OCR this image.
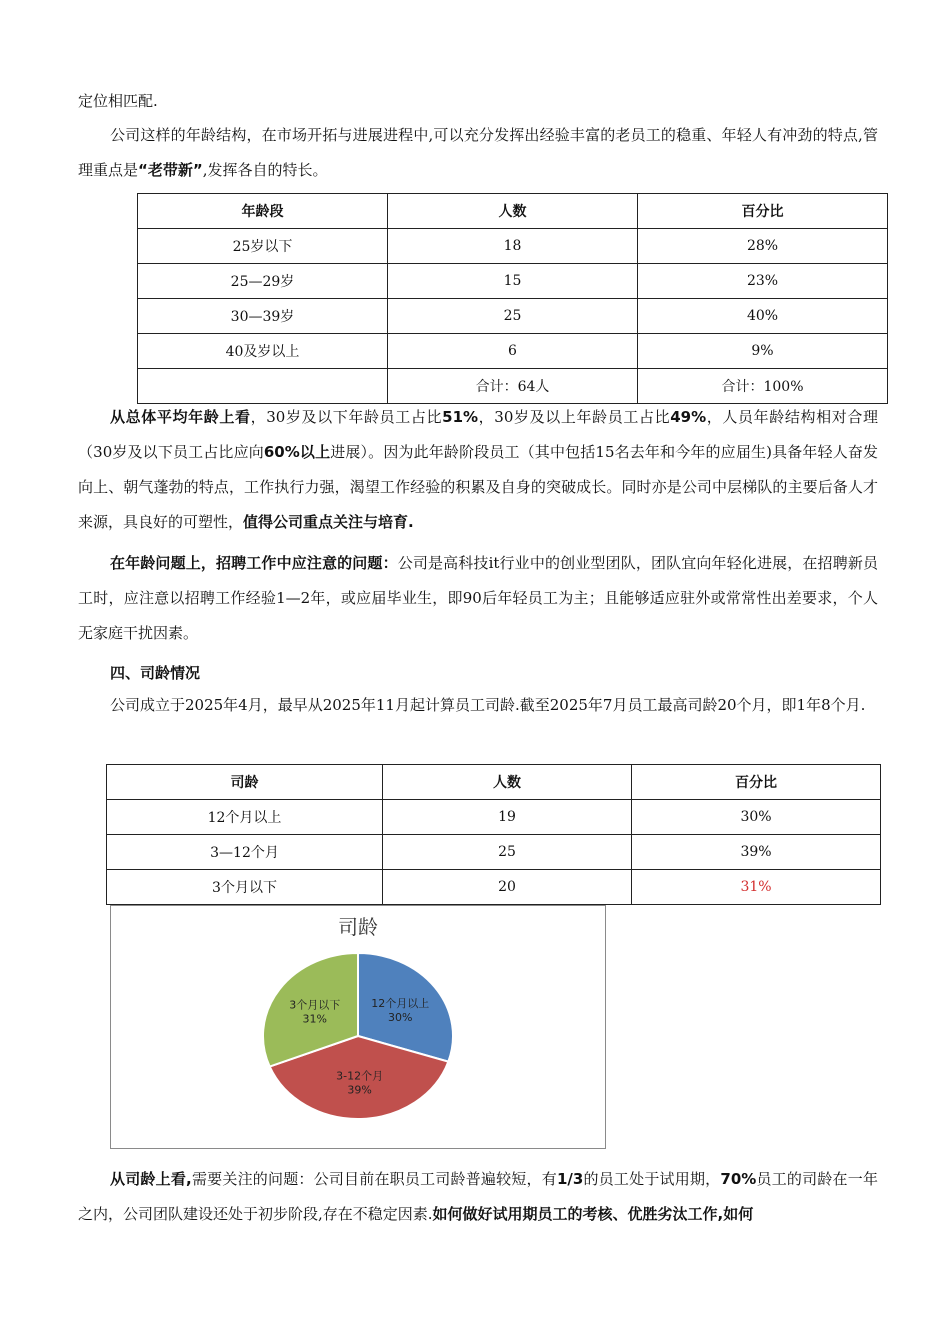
定位相匹配.

公司这样的年龄结构，在市场开拓与进展进程中,可以充分发挥出经验丰富的老员工的稳重、年轻人有冲劲的特点,管理重点是“老带新”,发挥各自的特长。

年龄段	人数	百分比
25岁以下	18	28%
25—29岁	15	23%
30—39岁	25	40%
40及岁以上	6	9%
	合计：64人	合计：100%

从总体平均年龄上看，30岁及以下年龄员工占比51%，30岁及以上年龄员工占比49%，人员年龄结构相对合理（30岁及以下员工占比应向60%以上进展）。因为此年龄阶段员工（其中包括15名去年和今年的应届生)具备年轻人奋发向上、朝气蓬勃的特点，工作执行力强，渴望工作经验的积累及自身的突破成长。同时亦是公司中层梯队的主要后备人才来源，具良好的可塑性，值得公司重点关注与培育.

在年龄问题上，招聘工作中应注意的问题：公司是高科技it行业中的创业型团队，团队宜向年轻化进展，在招聘新员工时，应注意以招聘工作经验1—2年，或应届毕业生，即90后年轻员工为主；且能够适应驻外或常常性出差要求，个人无家庭干扰因素。

四、司龄情况

公司成立于2025年4月，最早从2025年11月起计算员工司龄.截至2025年7月员工最高司龄20个月，即1年8个月.

司龄	人数	百分比
12个月以上	19	30%
3—12个月	25	39%
3个月以下	20	31%
司龄
12个月以上
30%
3-12个月
39%
3个月以下
31%

从司龄上看,需要关注的问题：公司目前在职员工司龄普遍较短，有1/3的员工处于试用期，70%员工的司龄在一年之内，公司团队建设还处于初步阶段,存在不稳定因素.如何做好试用期员工的考核、优胜劣汰工作,如何
